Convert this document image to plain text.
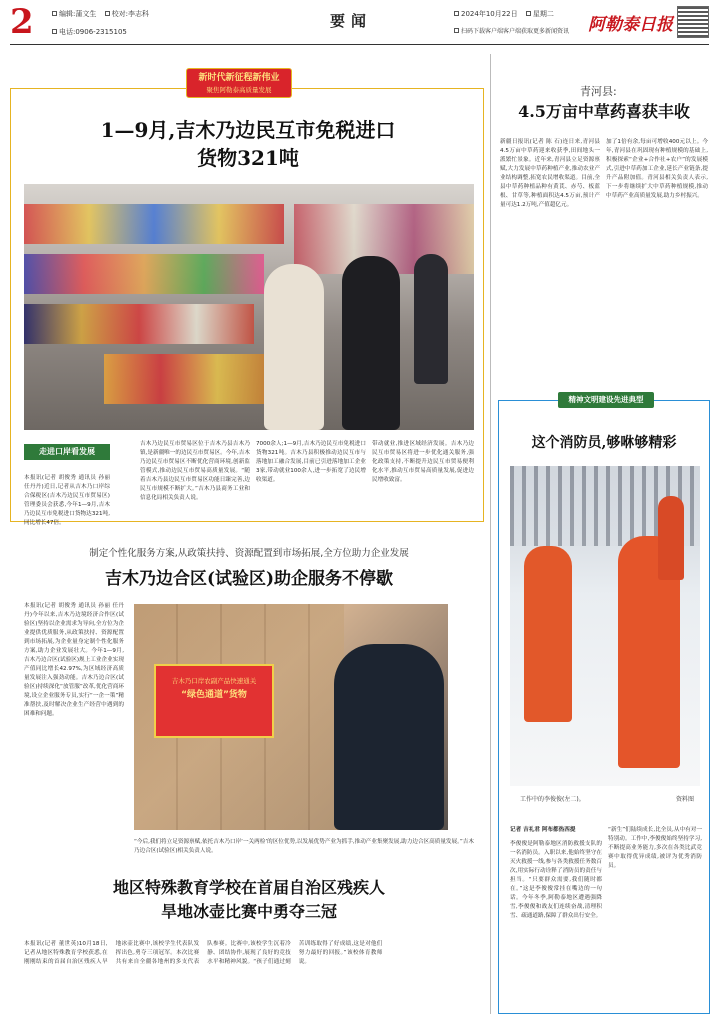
2	编辑:蒲文生 校对:李志科
电话:0906-2315105
要闻	2024年10月22日 星期二
扫码下载客户端客户端获取更多新闻资讯 阿勒泰日报
新时代新征程新伟业
聚焦阿勒泰高质量发展
1—9月,吉木乃边民互市免税进口
货物321吨
走进口岸看发展
本报讯(记者 胡俊秀 通讯员 孙丽 任丹丹)近日,记者从吉木乃口岸综合保税区(吉木乃边民互市贸易区)管理委员会获悉,今年1—9月,吉木乃边民互市免税进口货物达321吨,同比增长47倍。
吉木乃边民互市贸易区位于吉木乃县吉木乃镇,是新疆唯一的边民互市贸易区。今年,吉木乃边民互市贸易区不断优化营商环境,创新监管模式,推动边民互市贸易高质量发展。“随着吉木乃县边民互市贸易区功能日臻完善,边民互市规模不断扩大。”吉木乃县商务工业和信息化局相关负责人说。
7000余人;1—9月,吉木乃边民互市免税进口货物321吨。吉木乃县积极推动边民互市与落地加工融合发展,目前已引进落地加工企业3家,带动就业100余人,进一步拓宽了边民增收渠道。
带动就业,推进区域经济发展。吉木乃边民互市贸易区将进一步优化通关服务,强化政策支持,不断提升边民互市贸易便利化水平,推动互市贸易高质量发展,促进边民增收致富。
制定个性化服务方案,从政策扶持、资源配置到市场拓展,全方位助力企业发展
吉木乃边合区(试验区)助企服务不停歇
本报讯(记者 胡俊秀 通讯员 孙丽 任丹丹)今年以来,吉木乃边境经济合作区(试验区)坚持以企业需求为导向,全方位为企业提供优质服务,从政策扶持、资源配置到市场拓展,为企业量身定制个性化服务方案,助力企业发展壮大。今年1—9月,吉木乃边合区(试验区)规上工业企业实现产值同比增长42.97%,为区域经济高质量发展注入强劲动能。吉木乃边合区(试验区)持续深化“放管服”改革,优化营商环境,设立企业服务专员,实行“一企一策”精准帮扶,及时解决企业生产经营中遇到的困难和问题。
吉木乃口岸农副产品快速通关
“绿色通道”货物
“今后,我们将立足资源禀赋,依托吉木乃口岸‘一关两检’的区位优势,以发展优势产业为抓手,推动产业集聚发展,助力边合区高质量发展。”吉木乃边合区(试验区)相关负责人说。
地区特殊教育学校在首届自治区残疾人
旱地冰壶比赛中勇夺三冠
本报讯(记者 董世英)10月18日,记者从地区特殊教育学校获悉,在刚刚结束的首届自治区残疾人旱地冰壶比赛中,该校学生代表队发挥出色,勇夺三项冠军。本次比赛共有来自全疆各地州的多支代表队参赛。比赛中,该校学生沉着冷静、团结协作,展现了良好的竞技水平和精神风貌。“孩子们通过刻苦训练取得了好成绩,这是对他们努力最好的回报。”该校体育教师说。
青河县:
4.5万亩中草药喜获丰收
新疆日报讯(记者 陈 石)连日来,青河县4.5万亩中草药迎来收获季,田间地头一派繁忙景象。近年来,青河县立足资源禀赋,大力发展中草药种植产业,推动农业产业结构调整,拓宽农民增收渠道。目前,全县中草药种植品种有黄芪、赤芍、板蓝根、甘草等,种植面积达4.5万亩,预计产量可达1.2万吨,产值超亿元。
加了1倍有余,每亩可增收400元以上。今年,青河县在巩固现有种植规模的基础上,积极探索“企业+合作社+农户”的发展模式,引进中草药加工企业,延长产业链条,提升产品附加值。青河县相关负责人表示,下一步将继续扩大中草药种植规模,推动中草药产业高质量发展,助力乡村振兴。
精神文明建设先进典型
这个消防员,够咻够精彩
工作中的李俊俊(左二)。	资料图
记者 吉礼君 阿布都热西提
李俊俊是阿勒泰地区消防救援支队的一名消防员。入职以来,他始终坚守在灭火救援一线,参与各类救援任务数百次,用实际行动诠释了消防员的责任与担当。“只要群众需要,我们随时都在。”这是李俊俊常挂在嘴边的一句话。今年冬季,阿勒泰地区遭遇强降雪,李俊俊和战友们连续奋战,清理积雪、疏通道路,保障了群众出行安全。
“新生”们陆续成长,比全员,从中有对一特别动。工作中,李俊俊始终坚持学习,不断提高业务能力,多次在各类比武竞赛中取得优异成绩,被评为优秀消防员。
